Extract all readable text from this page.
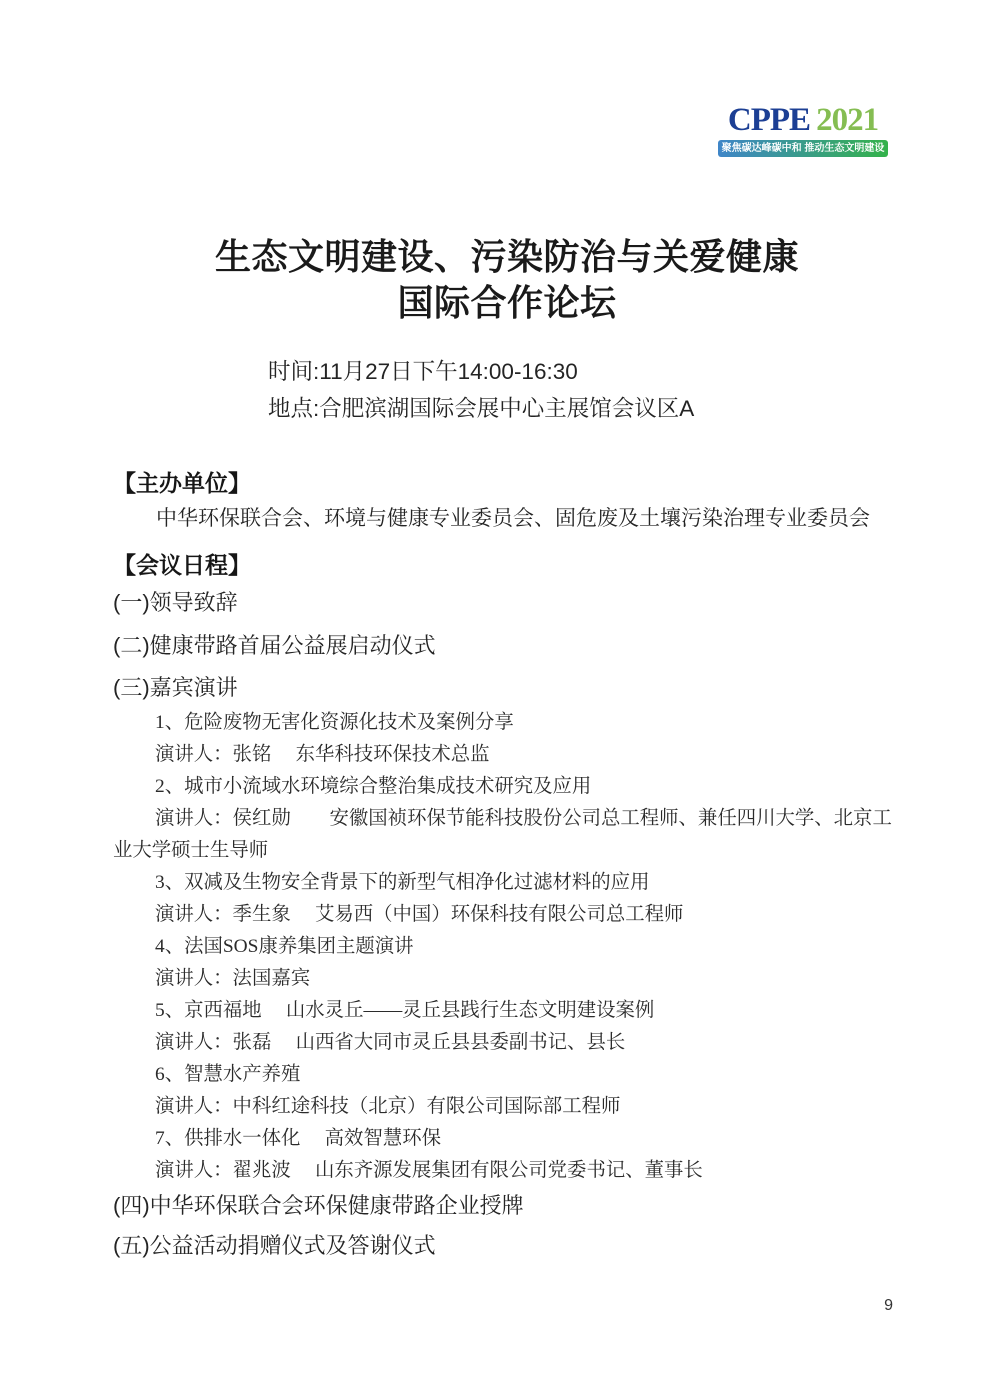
CPPE 2021
聚焦碳达峰碳中和 推动生态文明建设
生态文明建设、污染防治与关爱健康
国际合作论坛
时间:11月27日下午14:00-16:30
地点:合肥滨湖国际会展中心主展馆会议区A
【主办单位】
中华环保联合会、环境与健康专业委员会、固危废及土壤污染治理专业委员会
【会议日程】
(一)领导致辞
(二)健康带路首届公益展启动仪式
(三)嘉宾演讲

1、危险废物无害化资源化技术及案例分享

演讲人：张铭　 东华科技环保技术总监

2、城市小流域水环境综合整治集成技术研究及应用

演讲人：侯红勋　　安徽国祯环保节能科技股份公司总工程师、兼任四川大学、北京工业大学硕士生导师

3、双减及生物安全背景下的新型气相净化过滤材料的应用

演讲人：季生象　 艾易西（中国）环保科技有限公司总工程师

4、法国SOS康养集团主题演讲

演讲人：法国嘉宾

5、京西福地　 山水灵丘——灵丘县践行生态文明建设案例

演讲人：张磊　 山西省大同市灵丘县县委副书记、县长

6、智慧水产养殖

演讲人：中科红途科技（北京）有限公司国际部工程师

7、供排水一体化　 高效智慧环保

演讲人：翟兆波　 山东齐源发展集团有限公司党委书记、董事长

(四)中华环保联合会环保健康带路企业授牌
(五)公益活动捐赠仪式及答谢仪式
9
